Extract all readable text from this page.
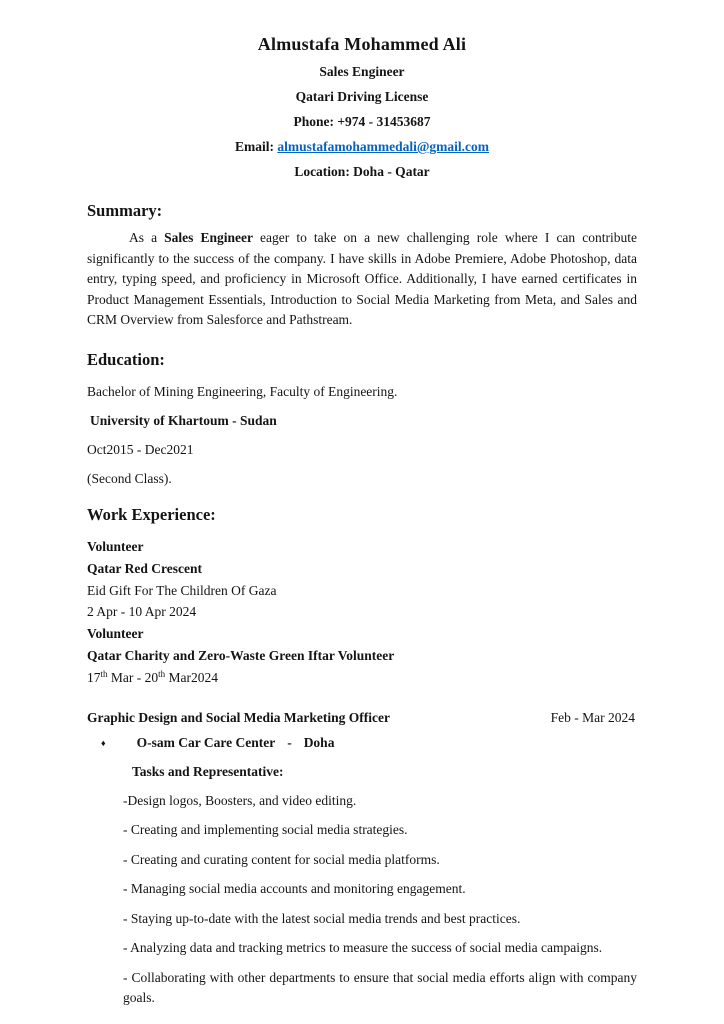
Almustafa Mohammed Ali
Sales Engineer
Qatari Driving License
Phone: +974 - 31453687
Email: almustafamohammedali@gmail.com
Location: Doha - Qatar
Summary:

As a Sales Engineer eager to take on a new challenging role where I can contribute significantly to the success of the company. I have skills in Adobe Premiere, Adobe Photoshop, data entry, typing speed, and proficiency in Microsoft Office. Additionally, I have earned certificates in Product Management Essentials, Introduction to Social Media Marketing from Meta, and Sales and CRM Overview from Salesforce and Pathstream.

Education:
Bachelor of Mining Engineering, Faculty of Engineering.
University of Khartoum - Sudan
Oct2015 - Dec2021
(Second Class).
Work Experience:
Volunteer
Qatar Red Crescent
Eid Gift For The Children Of Gaza
2 Apr - 10 Apr 2024
Volunteer
Qatar Charity and Zero-Waste Green Iftar Volunteer
17th Mar - 20th Mar2024
Graphic Design and Social Media Marketing Officer	Feb - Mar 2024
♦ O-sam Car Care Center - Doha
Tasks and Representative:

-Design logos, Boosters, and video editing.

- Creating and implementing social media strategies.

- Creating and curating content for social media platforms.

- Managing social media accounts and monitoring engagement.

- Staying up-to-date with the latest social media trends and best practices.

- Analyzing data and tracking metrics to measure the success of social media campaigns.

- Collaborating with other departments to ensure that social media efforts align with company goals.
